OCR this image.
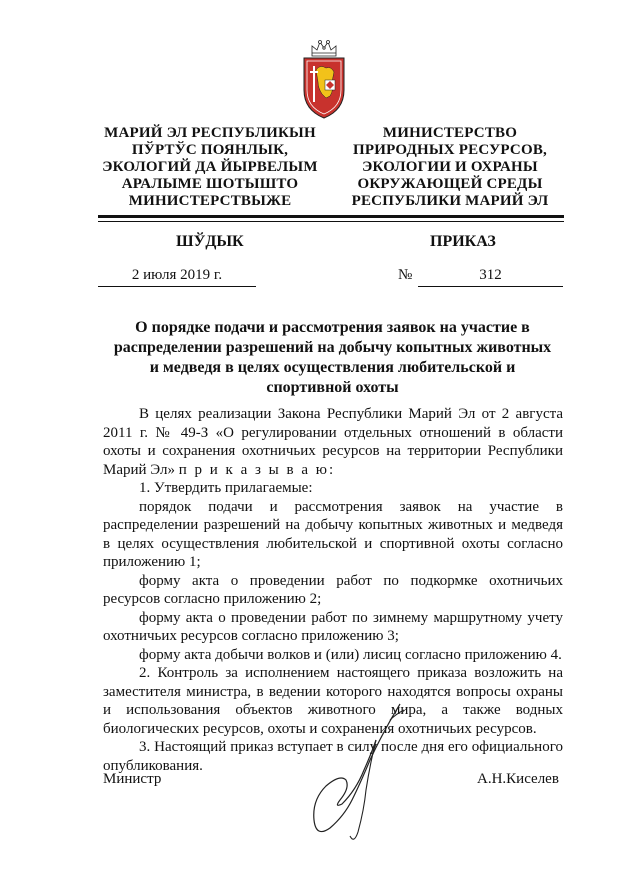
МАРИЙ ЭЛ РЕСПУБЛИКЫН
ПЎРТЎС ПОЯНЛЫК,
ЭКОЛОГИЙ ДА ЙЫРВЕЛЫМ
АРАЛЫМЕ ШОТЫШТО
МИНИСТЕРСТВЫЖЕ
МИНИСТЕРСТВО
ПРИРОДНЫХ РЕСУРСОВ,
ЭКОЛОГИИ И ОХРАНЫ
ОКРУЖАЮЩЕЙ СРЕДЫ
РЕСПУБЛИКИ МАРИЙ ЭЛ
ШЎДЫК	ПРИКАЗ
2 июля 2019 г.	№	312
О порядке подачи и рассмотрения заявок на участие в распределении разрешений на добычу копытных животных и медведя в целях осуществления любительской и спортивной охоты

В целях реализации Закона Республики Марий Эл от 2 августа 2011 г. № 49-З «О регулировании отдельных отношений в области охоты и сохранения охотничьих ресурсов на территории Республики Марий Эл» п р и к а з ы в а ю:

1. Утвердить прилагаемые:

порядок подачи и рассмотрения заявок на участие в распределении разрешений на добычу копытных животных и медведя в целях осуществления любительской и спортивной охоты согласно приложению 1;

форму акта о проведении работ по подкормке охотничьих ресурсов согласно приложению 2;

форму акта о проведении работ по зимнему маршрутному учету охотничьих ресурсов согласно приложению 3;

форму акта добычи волков и (или) лисиц согласно приложению 4.

2. Контроль за исполнением настоящего приказа возложить на заместителя министра, в ведении которого находятся вопросы охраны и использования объектов животного мира, а также водных биологических ресурсов, охоты и сохранения охотничьих ресурсов.

3. Настоящий приказ вступает в силу после дня его официального опубликования.

Министр	А.Н.Киселев
